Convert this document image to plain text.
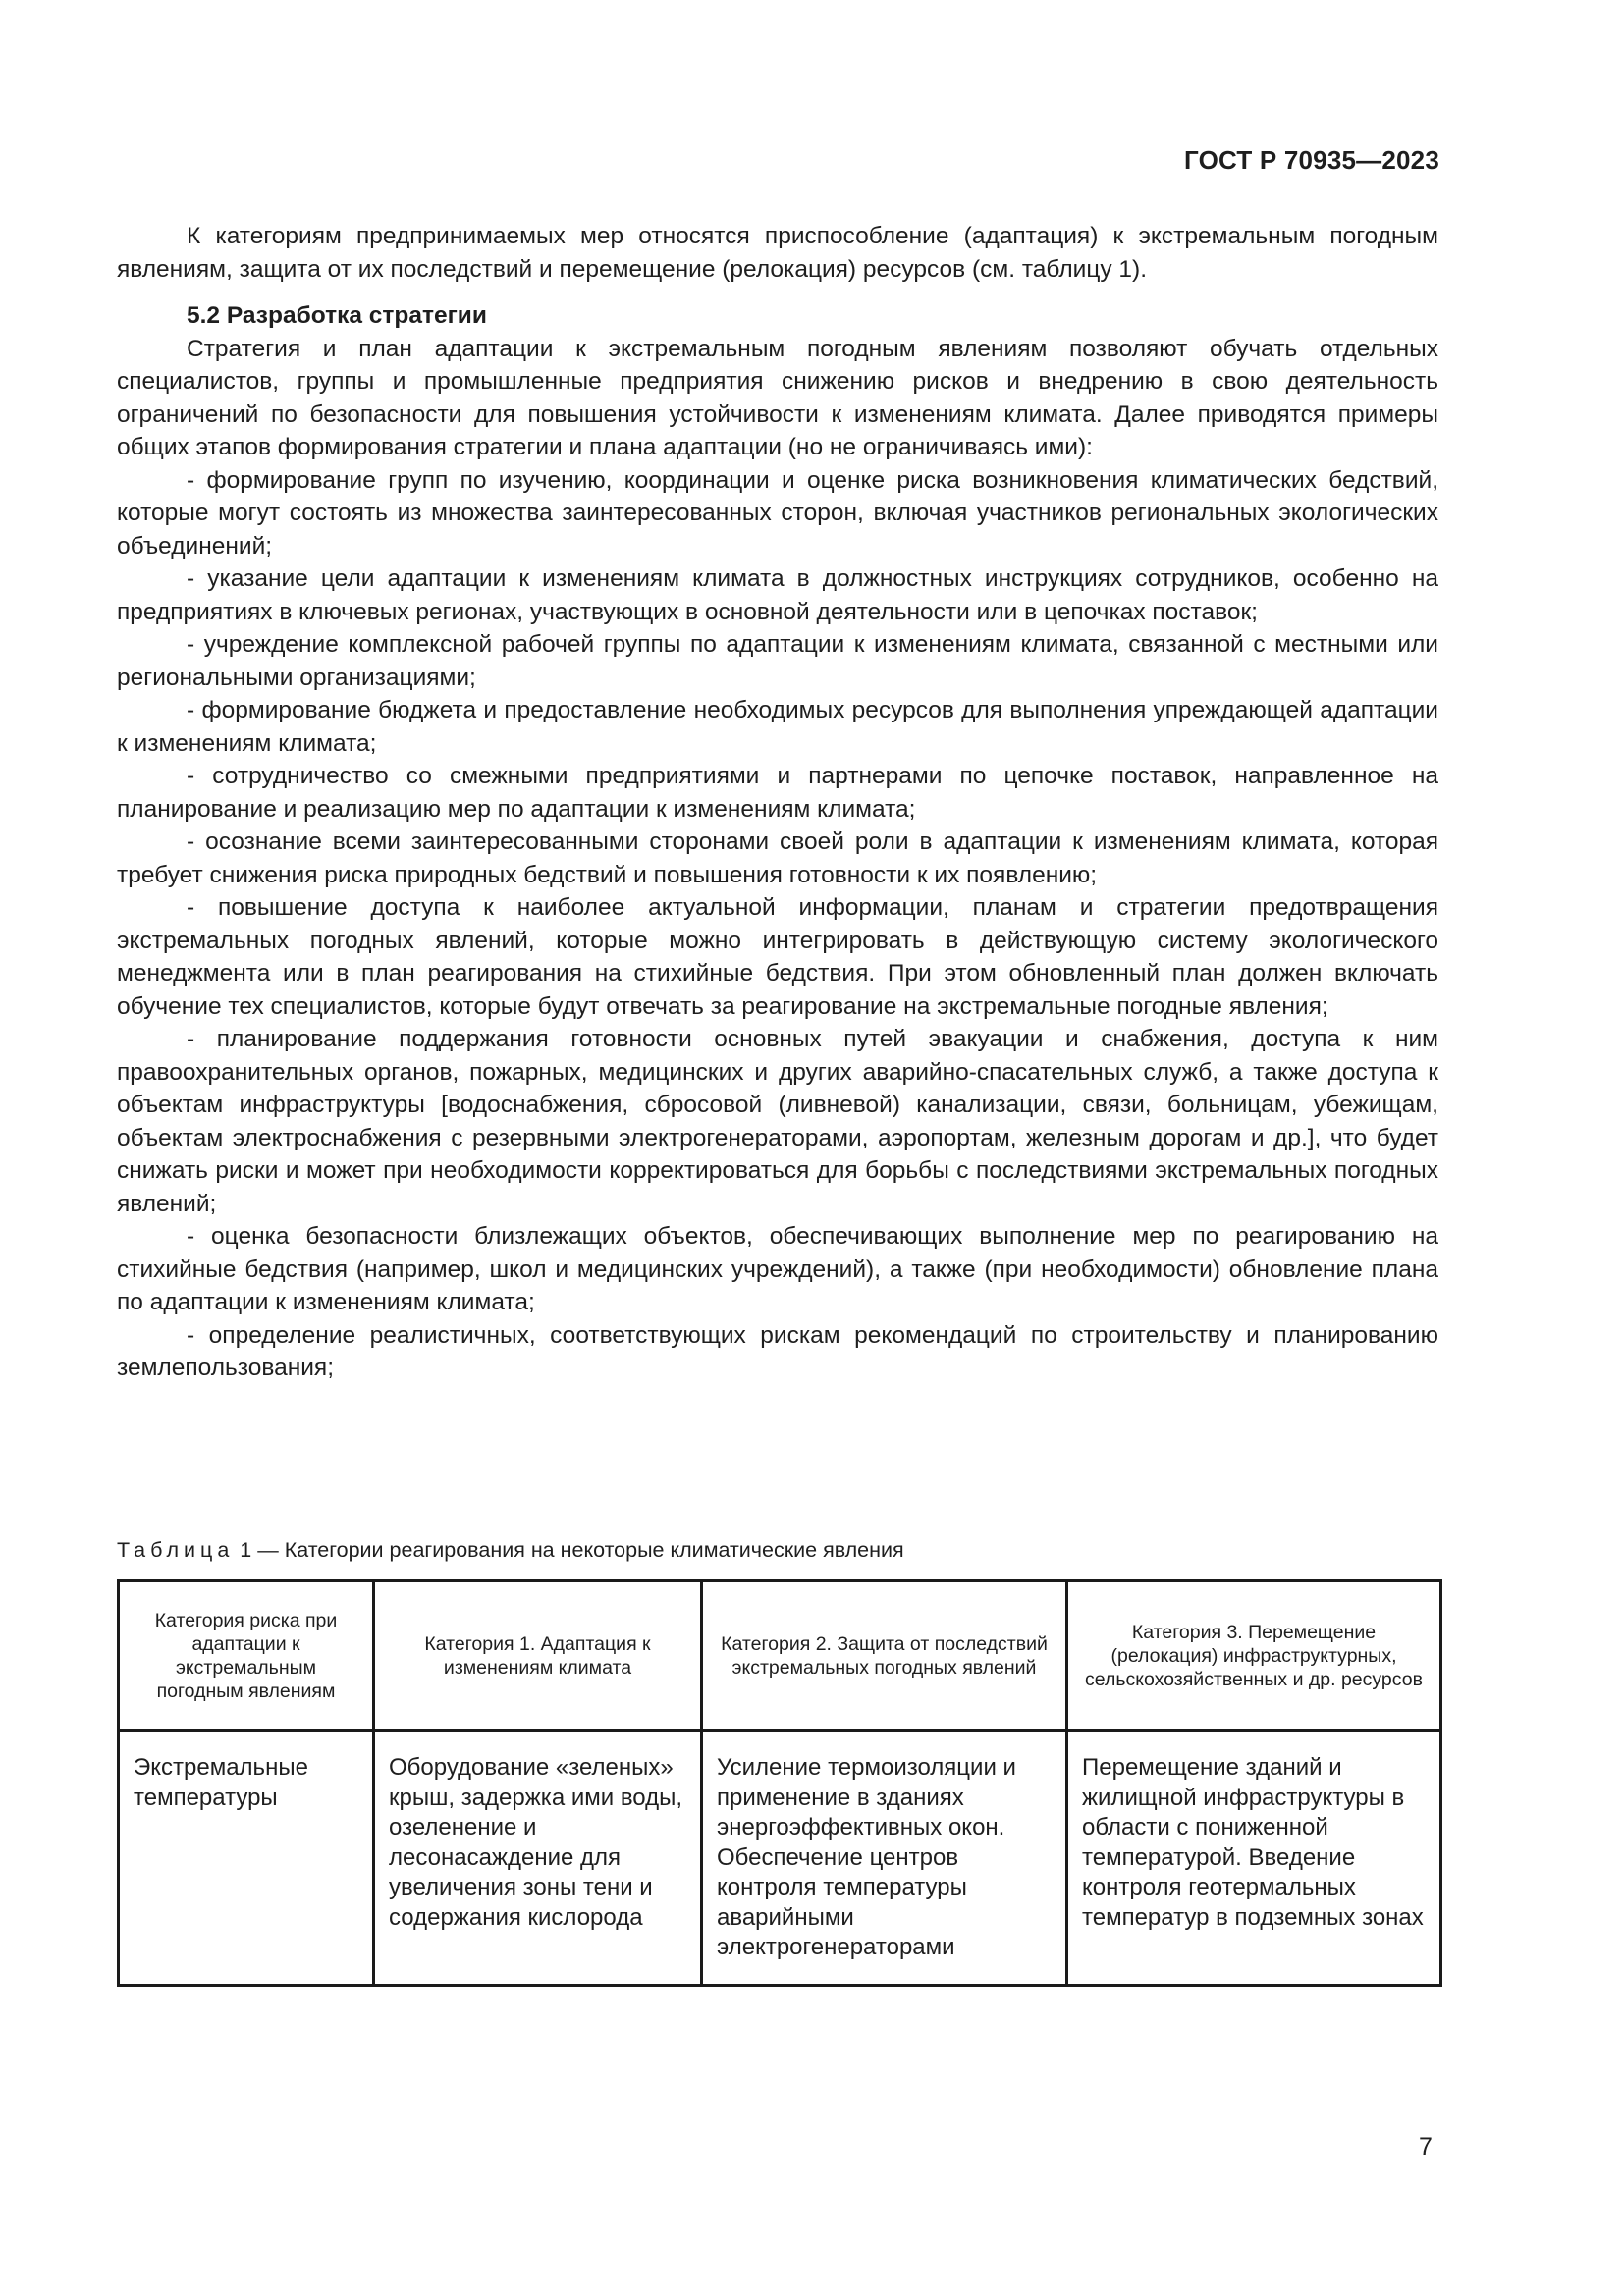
ГОСТ Р 70935—2023

К категориям предпринимаемых мер относятся приспособление (адаптация) к экстремальным погодным явлениям, защита от их последствий и перемещение (релокация) ресурсов (см. таблицу 1).

5.2 Разработка стратегии

Стратегия и план адаптации к экстремальным погодным явлениям позволяют обучать отдельных специалистов, группы и промышленные предприятия снижению рисков и внедрению в свою деятельность ограничений по безопасности для повышения устойчивости к изменениям климата. Далее приводятся примеры общих этапов формирования стратегии и плана адаптации (но не ограничиваясь ими):

- формирование групп по изучению, координации и оценке риска возникновения климатических бедствий, которые могут состоять из множества заинтересованных сторон, включая участников региональных экологических объединений;

- указание цели адаптации к изменениям климата в должностных инструкциях сотрудников, особенно на предприятиях в ключевых регионах, участвующих в основной деятельности или в цепочках поставок;

- учреждение комплексной рабочей группы по адаптации к изменениям климата, связанной с местными или региональными организациями;

- формирование бюджета и предоставление необходимых ресурсов для выполнения упреждающей адаптации к изменениям климата;

- сотрудничество со смежными предприятиями и партнерами по цепочке поставок, направленное на планирование и реализацию мер по адаптации к изменениям климата;

- осознание всеми заинтересованными сторонами своей роли в адаптации к изменениям климата, которая требует снижения риска природных бедствий и повышения готовности к их появлению;

- повышение доступа к наиболее актуальной информации, планам и стратегии предотвращения экстремальных погодных явлений, которые можно интегрировать в действующую систему экологического менеджмента или в план реагирования на стихийные бедствия. При этом обновленный план должен включать обучение тех специалистов, которые будут отвечать за реагирование на экстремальные погодные явления;

- планирование поддержания готовности основных путей эвакуации и снабжения, доступа к ним правоохранительных органов, пожарных, медицинских и других аварийно-спасательных служб, а также доступа к объектам инфраструктуры [водоснабжения, сбросовой (ливневой) канализации, связи, больницам, убежищам, объектам электроснабжения с резервными электрогенераторами, аэропортам, железным дорогам и др.], что будет снижать риски и может при необходимости корректироваться для борьбы с последствиями экстремальных погодных явлений;

- оценка безопасности близлежащих объектов, обеспечивающих выполнение мер по реагированию на стихийные бедствия (например, школ и медицинских учреждений), а также (при необходимости) обновление плана по адаптации к изменениям климата;

- определение реалистичных, соответствующих рискам рекомендаций по строительству и планированию землепользования;

Таблица 1 — Категории реагирования на некоторые климатические явления
Категория риска при адаптации к экстремальным погодным явлениям	Категория 1. Адаптация к изменениям климата	Категория 2. Защита от последствий экстремальных погодных явлений	Категория 3. Перемещение (релокация) инфраструктурных, сельскохозяйственных и др. ресурсов
Экстремальные температуры	Оборудование «зеленых» крыш, задержка ими воды, озеленение и лесонасаждение для увеличения зоны тени и содержания кислорода	Усиление термоизоляции и применение в зданиях энергоэффективных окон. Обеспечение центров контроля температуры аварийными электрогенераторами	Перемещение зданий и жилищной инфраструктуры в области с пониженной температурой. Введение контроля геотермальных температур в подземных зонах
7
